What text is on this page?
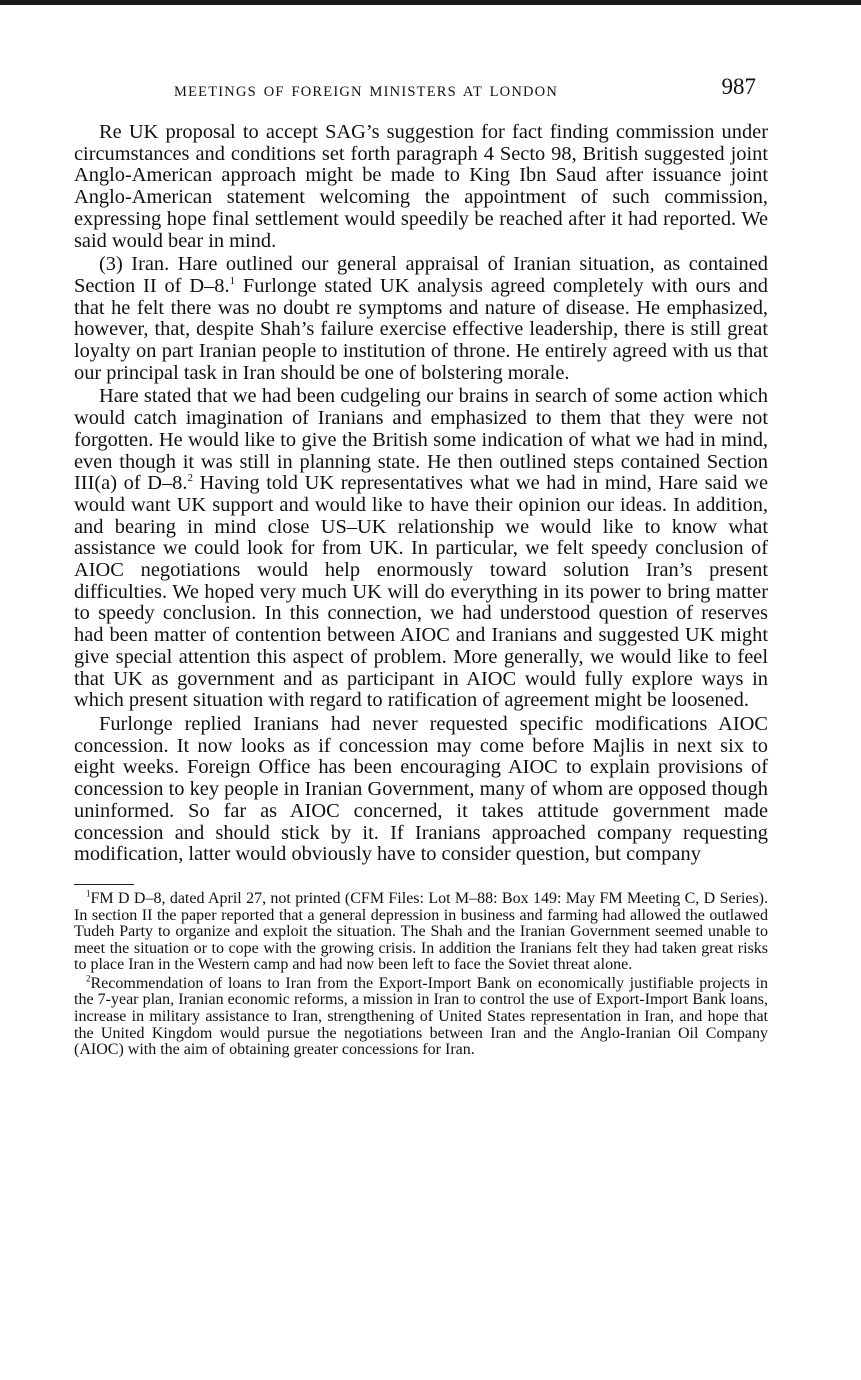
MEETINGS OF FOREIGN MINISTERS AT LONDON	987

Re UK proposal to accept SAG’s suggestion for fact finding commission under circumstances and conditions set forth paragraph 4 Secto 98, British suggested joint Anglo-American approach might be made to King Ibn Saud after issuance joint Anglo-American statement welcoming the appointment of such commission, expressing hope final settlement would speedily be reached after it had reported. We said would bear in mind.

(3) Iran. Hare outlined our general appraisal of Iranian situation, as contained Section II of D–8.$^1$ Furlonge stated UK analysis agreed completely with ours and that he felt there was no doubt re symptoms and nature of disease. He emphasized, however, that, despite Shah’s failure exercise effective leadership, there is still great loyalty on part Iranian people to institution of throne. He entirely agreed with us that our principal task in Iran should be one of bolstering morale.

Hare stated that we had been cudgeling our brains in search of some action which would catch imagination of Iranians and emphasized to them that they were not forgotten. He would like to give the British some indication of what we had in mind, even though it was still in planning state. He then outlined steps contained Section III(a) of D–8.$^2$ Having told UK representatives what we had in mind, Hare said we would want UK support and would like to have their opinion our ideas. In addition, and bearing in mind close US–UK relationship we would like to know what assistance we could look for from UK. In particular, we felt speedy conclusion of AIOC negotiations would help enormously toward solution Iran’s present difficulties. We hoped very much UK will do everything in its power to bring matter to speedy conclusion. In this connection, we had understood question of reserves had been matter of contention between AIOC and Iranians and suggested UK might give special attention this aspect of problem. More generally, we would like to feel that UK as government and as participant in AIOC would fully explore ways in which present situation with regard to ratification of agreement might be loosened.

Furlonge replied Iranians had never requested specific modifications AIOC concession. It now looks as if concession may come before Majlis in next six to eight weeks. Foreign Office has been encouraging AIOC to explain provisions of concession to key people in Iranian Government, many of whom are opposed though uninformed. So far as AIOC concerned, it takes attitude government made concession and should stick by it. If Iranians approached company requesting modification, latter would obviously have to consider question, but company

$^1$FM D D–8, dated April 27, not printed (CFM Files: Lot M–88: Box 149: May FM Meeting C, D Series). In section II the paper reported that a general depression in business and farming had allowed the outlawed Tudeh Party to organize and exploit the situation. The Shah and the Iranian Government seemed unable to meet the situation or to cope with the growing crisis. In addition the Iranians felt they had taken great risks to place Iran in the Western camp and had now been left to face the Soviet threat alone.

$^2$Recommendation of loans to Iran from the Export-Import Bank on economically justifiable projects in the 7-year plan, Iranian economic reforms, a mission in Iran to control the use of Export-Import Bank loans, increase in military assistance to Iran, strengthening of United States representation in Iran, and hope that the United Kingdom would pursue the negotiations between Iran and the Anglo-Iranian Oil Company (AIOC) with the aim of obtaining greater concessions for Iran.
